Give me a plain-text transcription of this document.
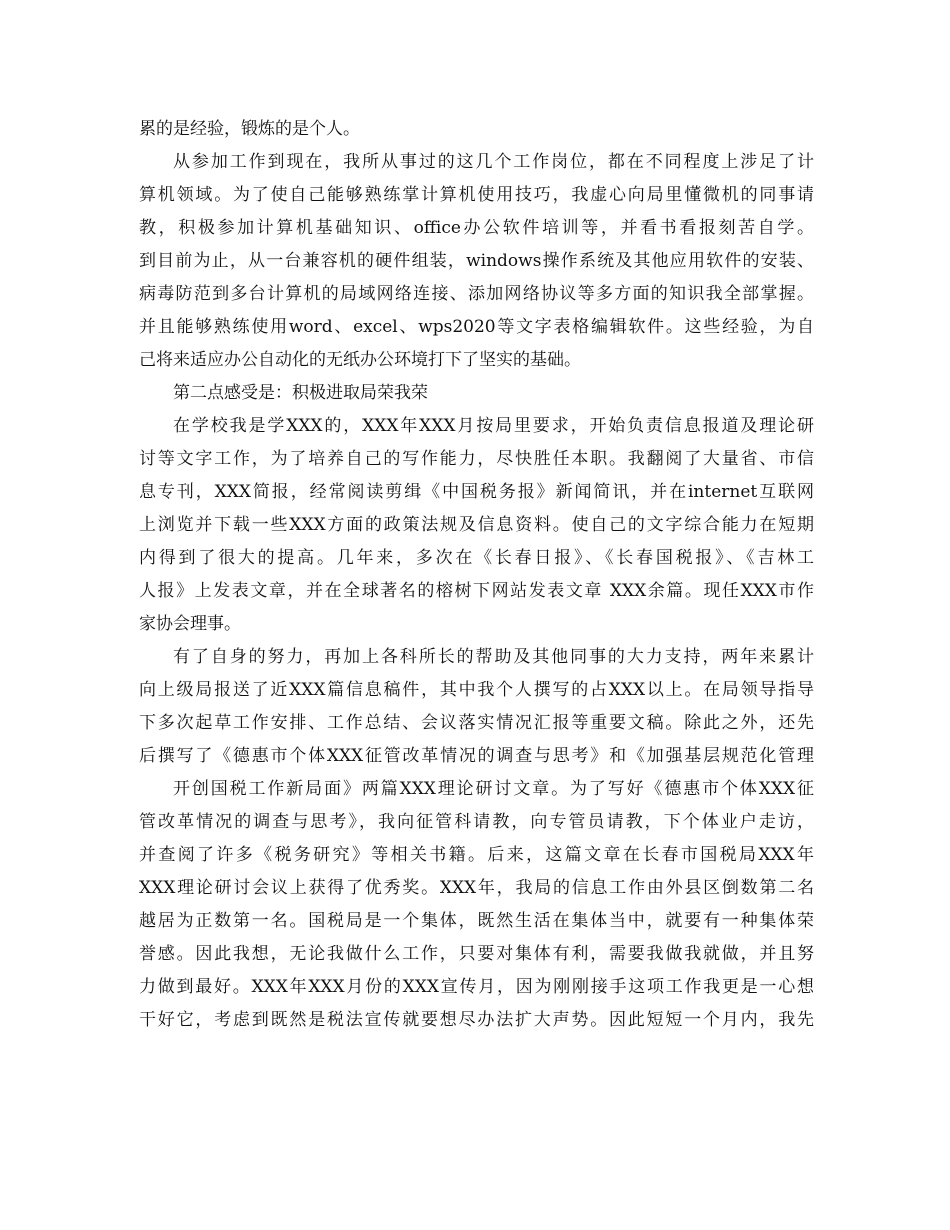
累的是经验，锻炼的是个人。
从参加工作到现在，我所从事过的这几个工作岗位，都在不同程度上涉足了计
算机领域。为了使自己能够熟练掌计算机使用技巧，我虚心向局里懂微机的同事请
教，积极参加计算机基础知识、office办公软件培训等，并看书看报刻苦自学。
到目前为止，从一台兼容机的硬件组装，windows操作系统及其他应用软件的安装、
病毒防范到多台计算机的局域网络连接、添加网络协议等多方面的知识我全部掌握。
并且能够熟练使用word、excel、wps2020等文字表格编辑软件。这些经验，为自
己将来适应办公自动化的无纸办公环境打下了坚实的基础。
第二点感受是：积极进取局荣我荣
在学校我是学XXX的，XXX年XXX月按局里要求，开始负责信息报道及理论研
讨等文字工作，为了培养自己的写作能力，尽快胜任本职。我翻阅了大量省、市信
息专刊，XXX简报，经常阅读剪缉《中国税务报》新闻简讯，并在internet互联网
上浏览并下载一些XXX方面的政策法规及信息资料。使自己的文字综合能力在短期
内得到了很大的提高。几年来，多次在《长春日报》、《长春国税报》、《吉林工
人报》上发表文章，并在全球著名的榕树下网站发表文章 XXX余篇。现任XXX市作
家协会理事。
有了自身的努力，再加上各科所长的帮助及其他同事的大力支持，两年来累计
向上级局报送了近XXX篇信息稿件，其中我个人撰写的占XXX以上。在局领导指导
下多次起草工作安排、工作总结、会议落实情况汇报等重要文稿。除此之外，还先
后撰写了《德惠市个体XXX征管改革情况的调查与思考》和《加强基层规范化管理
开创国税工作新局面》两篇XXX理论研讨文章。为了写好《德惠市个体XXX征
管改革情况的调查与思考》，我向征管科请教，向专管员请教，下个体业户走访，
并查阅了许多《税务研究》等相关书籍。后来，这篇文章在长春市国税局XXX年
XXX理论研讨会议上获得了优秀奖。XXX年，我局的信息工作由外县区倒数第二名
越居为正数第一名。国税局是一个集体，既然生活在集体当中，就要有一种集体荣
誉感。因此我想，无论我做什么工作，只要对集体有利，需要我做我就做，并且努
力做到最好。XXX年XXX月份的XXX宣传月，因为刚刚接手这项工作我更是一心想
干好它，考虑到既然是税法宣传就要想尽办法扩大声势。因此短短一个月内，我先
